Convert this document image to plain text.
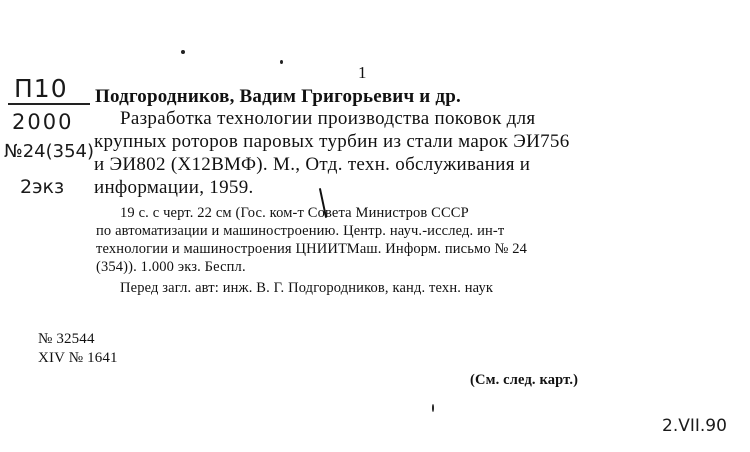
1
П10 Подгородников, Вадим Григорьевич и др.
2000
№24(354)
2экз
Разработка технологии производства поковок для
крупных роторов паровых турбин из стали марок ЭИ756
и ЭИ802 (Х12ВМФ). М., Отд. техн. обслуживания и
информации, 1959.
19 с. с черт. 22 см (Гос. ком-т Совета Министров СССР
по автоматизации и машиностроению. Центр. науч.-исслед. ин-т
технологии и машиностроения ЦНИИТМаш. Информ. письмо № 24
(354)). 1.000 экз. Беспл.
Перед загл. авт: инж. В. Г. Подгородников, канд. техн. наук
№ 32544
XIV № 1641
(См. след. карт.)
2.VII.90
